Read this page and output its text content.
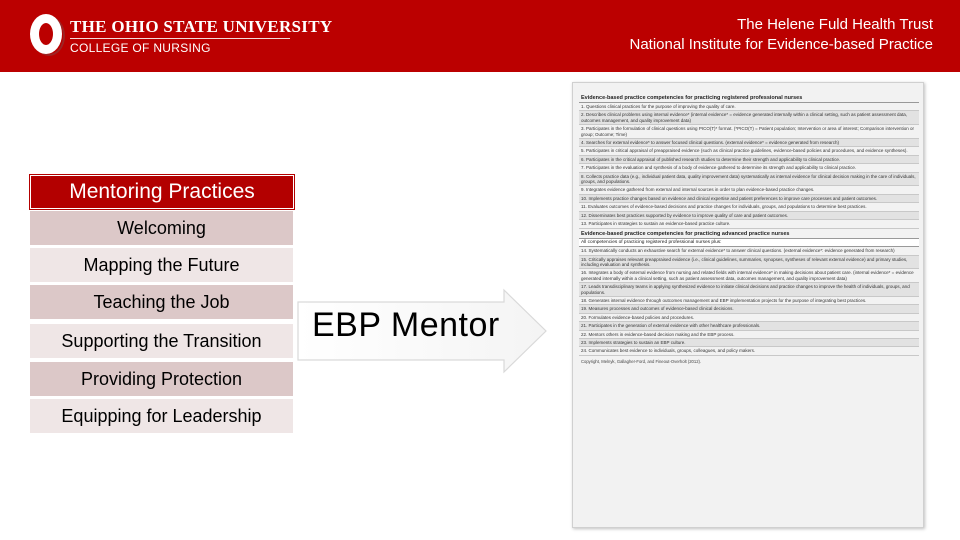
THE OHIO STATE UNIVERSITY
COLLEGE OF NURSING
The Helene Fuld Health Trust
National Institute for Evidence-based Practice
Mentoring Practices
Welcoming
Mapping the Future
Teaching the Job
Supporting the Transition
Providing Protection
Equipping for Leadership
EBP Mentor
Evidence-based practice competencies for practicing registered professional nurses
1. Questions clinical practices for the purpose of improving the quality of care.
2. Describes clinical problems using internal evidence* (internal evidence* = evidence generated internally within a clinical setting, such as patient assessment data, outcomes management, and quality improvement data)
3. Participates in the formulation of clinical questions using PICO(T)* format. (*PICO(T) = Patient population; Intervention or area of interest; Comparison intervention or group; Outcome; Time)
4. Searches for external evidence* to answer focused clinical questions. (external evidence* = evidence generated from research)
5. Participates in critical appraisal of preappraised evidence (such as clinical practice guidelines, evidence-based policies and procedures, and evidence syntheses).
6. Participates in the critical appraisal of published research studies to determine their strength and applicability to clinical practice.
7. Participates in the evaluation and synthesis of a body of evidence gathered to determine its strength and applicability to clinical practice.
8. Collects practice data (e.g., individual patient data, quality improvement data) systematically as internal evidence for clinical decision making in the care of individuals, groups, and populations.
9. Integrates evidence gathered from external and internal sources in order to plan evidence-based practice changes.
10. Implements practice changes based on evidence and clinical expertise and patient preferences to improve care processes and patient outcomes.
11. Evaluates outcomes of evidence-based decisions and practice changes for individuals, groups, and populations to determine best practices.
12. Disseminates best practices supported by evidence to improve quality of care and patient outcomes.
13. Participates in strategies to sustain an evidence-based practice culture.
Evidence-based practice competencies for practicing advanced practice nurses
All competencies of practicing registered professional nurses plus:
14. Systematically conducts an exhaustive search for external evidence* to answer clinical questions. (external evidence*: evidence generated from research)
15. Critically appraises relevant preappraised evidence (i.e., clinical guidelines, summaries, synopses, syntheses of relevant external evidence) and primary studies, including evaluation and synthesis.
16. Integrates a body of external evidence from nursing and related fields with internal evidence* in making decisions about patient care. (internal evidence* = evidence generated internally within a clinical setting, such as patient assessment data, outcomes management, and quality improvement data)
17. Leads transdisciplinary teams in applying synthesized evidence to initiate clinical decisions and practice changes to improve the health of individuals, groups, and populations.
18. Generates internal evidence through outcomes management and EBP implementation projects for the purpose of integrating best practices.
19. Measures processes and outcomes of evidence-based clinical decisions.
20. Formulates evidence-based policies and procedures.
21. Participates in the generation of external evidence with other healthcare professionals.
22. Mentors others in evidence-based decision making and the EBP process.
23. Implements strategies to sustain an EBP culture.
24. Communicates best evidence to individuals, groups, colleagues, and policy makers.
Copyright, Melnyk, Gallagher-Ford, and Fineout-Overholt (2012).
